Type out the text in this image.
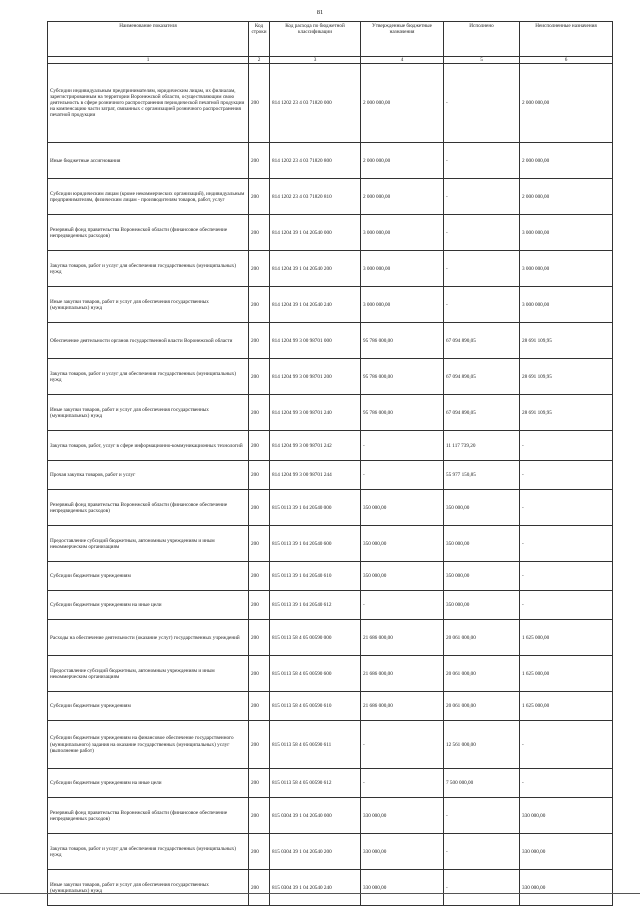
81
Наименование показателя	Код строки	Код расхода по бюджетной классификации	Утвержденные бюджетные назначения	Исполнено	Неисполненные назначения
1	2	3	4	5	6
Субсидии индивидуальным предпринимателям, юридическим лицам, их филиалам, зарегистрированным на территории Воронежской области, осуществляющим свою деятельность в сфере розничного распространения периодической печатной продукции на компенсацию части затрат, связанных с организацией розничного распространения печатной продукции	200	814 1202 23 4 03 71820 000	2 000 000,00	-	2 000 000,00
Иные бюджетные ассигнования	200	814 1202 23 4 03 71820 800	2 000 000,00	-	2 000 000,00
Субсидии юридическим лицам (кроме некоммерческих организаций), индивидуальным предпринимателям, физическим лицам - производителям товаров, работ, услуг	200	814 1202 23 4 03 71820 810	2 000 000,00	-	2 000 000,00
Резервный фонд правительства Воронежской области (финансовое обеспечение непредвиденных расходов)	200	814 1204 39 1 04 20540 000	3 000 000,00	-	3 000 000,00
Закупка товаров, работ и услуг для обеспечения государственных (муниципальных) нужд	200	814 1204 39 1 04 20540 200	3 000 000,00	-	3 000 000,00
Иные закупки товаров, работ и услуг для обеспечения государственных (муниципальных) нужд	200	814 1204 39 1 04 20540 240	3 000 000,00	-	3 000 000,00
Обеспечение деятельности органов государственной власти Воронежской области	200	814 1204 99 3 00 98701 000	95 786 000,00	67 094 890,05	28 691 109,95
Закупка товаров, работ и услуг для обеспечения государственных (муниципальных) нужд	200	814 1204 99 3 00 98701 200	95 786 000,00	67 094 890,05	28 691 109,95
Иные закупки товаров, работ и услуг для обеспечения государственных (муниципальных) нужд	200	814 1204 99 3 00 98701 240	95 786 000,00	67 094 890,05	28 691 109,95
Закупка товаров, работ, услуг в сфере информационно-коммуникационных технологий	200	814 1204 99 3 00 98701 242	-	11 117 739,20	-
Прочая закупка товаров, работ и услуг	200	814 1204 99 3 00 98701 244	-	55 977 150,85	-
Резервный фонд правительства Воронежской области (финансовое обеспечение непредвиденных расходов)	200	815 0113 39 1 04 20540 000	350 000,00	350 000,00	-
Предоставление субсидий бюджетным, автономным учреждениям и иным некоммерческим организациям	200	815 0113 39 1 04 20540 600	350 000,00	350 000,00	-
Субсидии бюджетным учреждениям	200	815 0113 39 1 04 20540 610	350 000,00	350 000,00	-
Субсидии бюджетным учреждениям на иные цели	200	815 0113 39 1 04 20540 612	-	350 000,00	-
Расходы на обеспечение деятельности (оказание услуг) государственных учреждений	200	815 0113 58 4 05 00590 000	21 686 000,00	20 061 000,00	1 625 000,00
Предоставление субсидий бюджетным, автономным учреждениям и иным некоммерческим организациям	200	815 0113 58 4 05 00590 600	21 686 000,00	20 061 000,00	1 625 000,00
Субсидии бюджетным учреждениям	200	815 0113 58 4 05 00590 610	21 686 000,00	20 061 000,00	1 625 000,00
Субсидии бюджетным учреждениям на финансовое обеспечение государственного (муниципального) задания на оказание государственных (муниципальных) услуг (выполнение работ)	200	815 0113 58 4 05 00590 611	-	12 561 000,00	-
Субсидии бюджетным учреждениям на иные цели	200	815 0113 58 4 05 00590 612	-	7 500 000,00	-
Резервный фонд правительства Воронежской области (финансовое обеспечение непредвиденных расходов)	200	815 0304 39 1 04 20540 000	330 000,00	-	330 000,00
Закупка товаров, работ и услуг для обеспечения государственных (муниципальных) нужд	200	815 0304 39 1 04 20540 200	330 000,00	-	330 000,00
Иные закупки товаров, работ и услуг для обеспечения государственных (муниципальных) нужд	200	815 0304 39 1 04 20540 240	330 000,00	-	330 000,00
